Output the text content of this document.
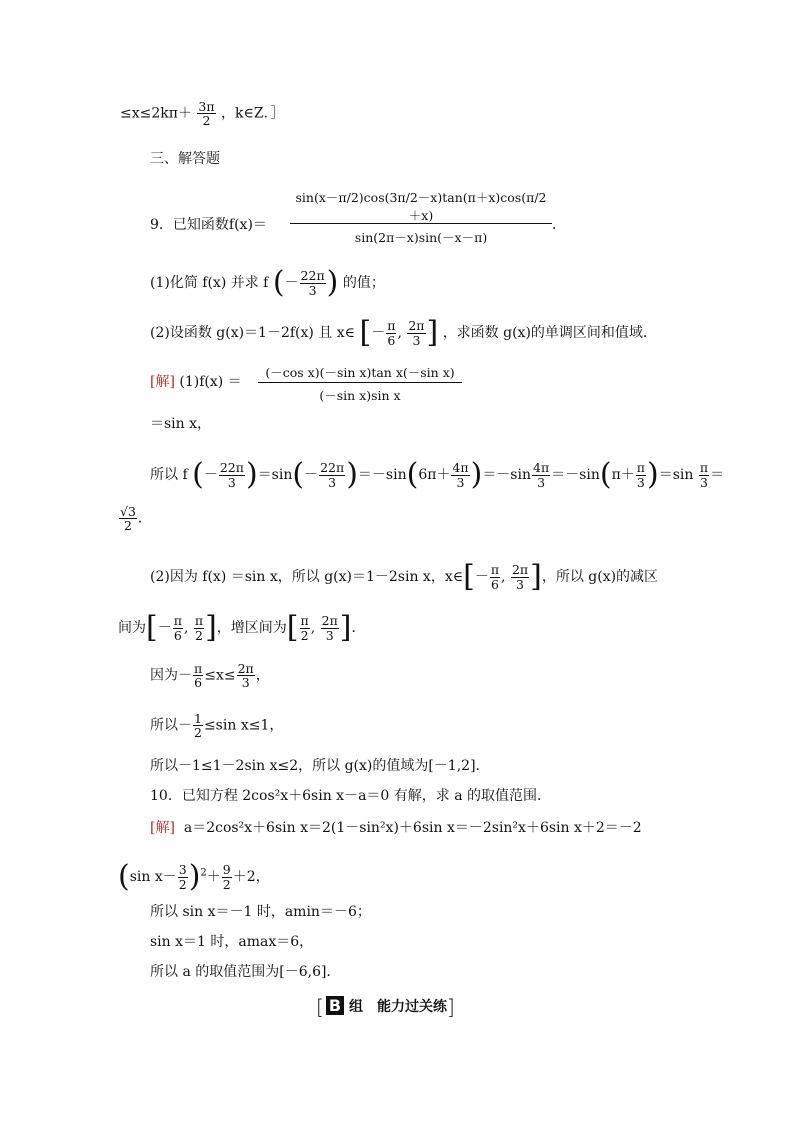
$\le x\le 2k\pi+ \frac{3\pi}{2}$ ，k∈Z．］
三、解答题
9．已知函数f(x)＝
sin(x－π/2)cos(3π/2－x)tan(π＋x)cos(π/2＋x)
sin(2π－x)sin(－x－π)
．
(1)化简 f(x) 并求 f (－ $\frac{22\pi}{3}$ ) 的值；
(2)设函数 g(x)＝1－2f(x) 且 x∈ [－ $\frac{\pi}{6}$ , $\frac{2\pi}{3}$ ] ，求函数 g(x)的单调区间和值域．
[解] (1)f(x) ＝
(－cos x)(－sin x)tan x(－sin x)
(－sin x)sin x
＝sin x，
所以 f (－ $\frac{22\pi}{3} )=\sin(- \frac{22\pi}{3} )=-\sin(6\pi+ \frac{4\pi}{3} )=-\sin \frac{4\pi}{3} =-\sin(\pi+ \frac{\pi}{3} )=\sin \frac{\pi}{3}$ ＝
$\frac{√3}{2}$ ．
(2)因为 f(x) ＝sin x，所以 g(x)＝1－2sin x，x∈[－ $\frac{\pi}{6}$ , $\frac{2\pi}{3}$ ]，所以 g(x)的减区
间为[－ $\frac{\pi}{6}$ , $\frac{\pi}{2}$ ]，增区间为[ $\frac{\pi}{2}$ , $\frac{2\pi}{3}$ ]．
因为－ $\frac{\pi}{6} \le x\le \frac{2\pi}{3}$ ，
所以－ $\frac{1}{2} \le\sin$ x≤1，
所以－1≤1－2sin x≤2，所以 g(x)的值域为[－1,2]．
10．已知方程 2cos²x＋6sin x－a＝0 有解，求 a 的取值范围．
[解] a＝2cos²x＋6sin x＝2(1－sin²x)＋6sin x＝－2sin²x＋6sin x＋2＝－2
(sin $x- \frac{3}{2} )^2+ \frac{9}{2} +2$，
所以 sin x＝－1 时，amin＝－6；
sin x＝1 时，amax＝6，
所以 a 的取值范围为[－6,6]．
[ B 组　能力过关练]
